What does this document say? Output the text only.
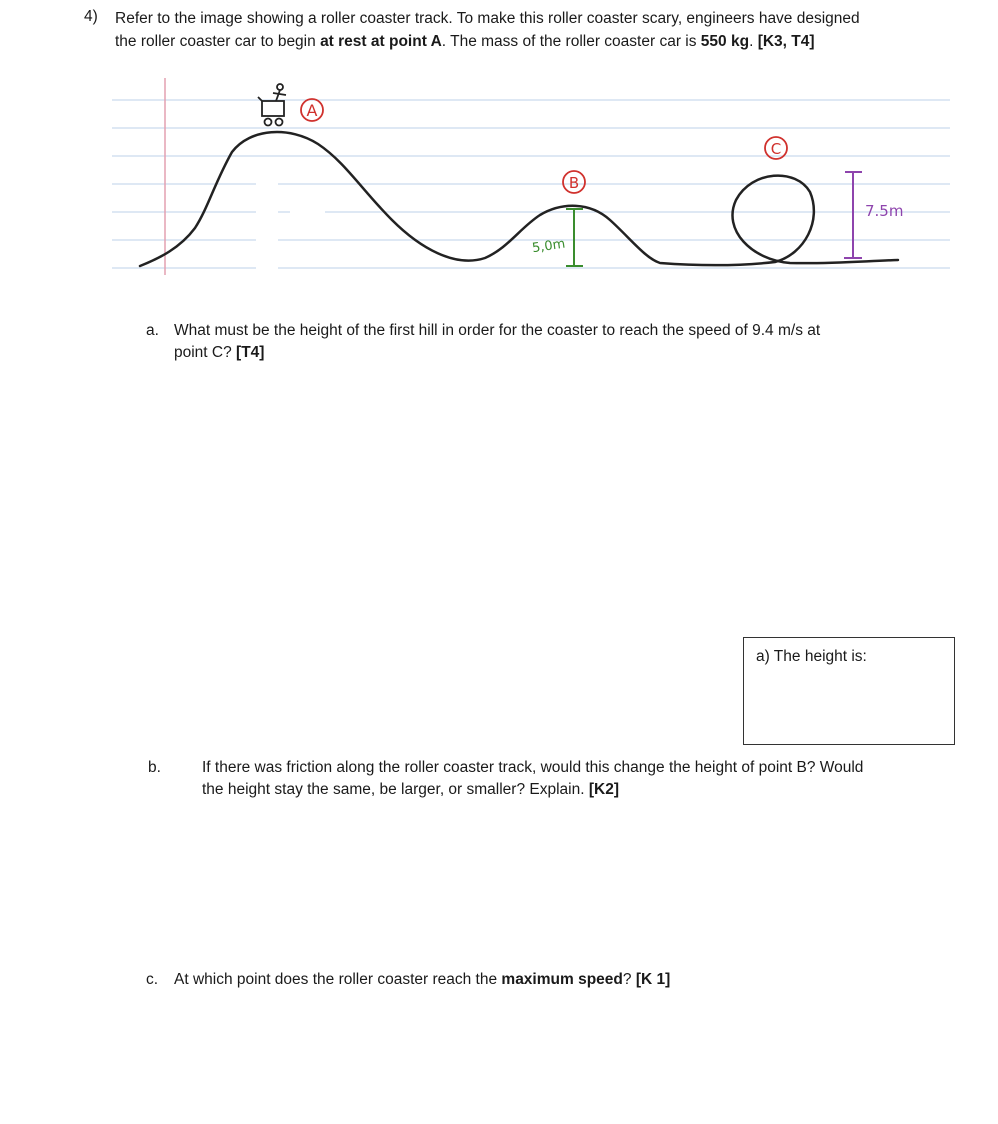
4) Refer to the image showing a roller coaster track. To make this roller coaster scary, engineers have designed
the roller coaster car to begin at rest at point A. The mass of the roller coaster car is 550 kg. [K3, T4]
A
B
C
5,0m
7.5m
a. What must be the height of the first hill in order for the coaster to reach the speed of 9.4 m/s at
point C? [T4]
a) The height is:
b.	If there was friction along the roller coaster track, would this change the height of point B? Would
the height stay the same, be larger, or smaller? Explain. [K2]
c. At which point does the roller coaster reach the maximum speed? [K 1]
